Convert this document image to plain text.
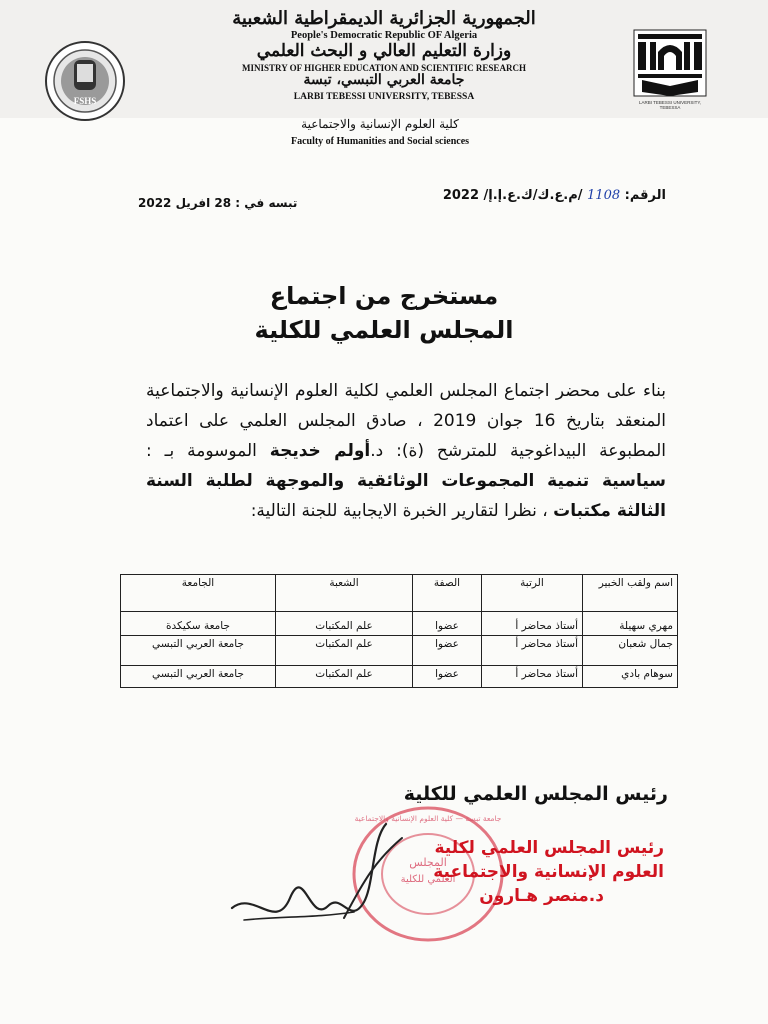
FSHS	LARBI TEBESSI UNIVERSITY, TEBESSA
الجمهورية الجزائرية الديمقراطية الشعبية
People's Democratic Republic OF Algeria
وزارة التعليم العالي و البحث العلمي
MINISTRY OF HIGHER EDUCATION AND SCIENTIFIC RESEARCH
جامعة العربي التبسي، تبسة
LARBI TEBESSI UNIVERSITY, TEBESSA
كلية العلوم الإنسانية والاجتماعية
Faculty of Humanities and Social sciences
الرقم: 1108 /م.ع.ك/ك.ع.إ.إ/ 2022
تبسه في : 28 افريل 2022
مستخرج من اجتماع
المجلس العلمي للكلية
بناء على محضر اجتماع المجلس العلمي لكلية العلوم الإنسانية والاجتماعية المنعقد بتاريخ 16 جوان 2019 ، صادق المجلس العلمي على اعتماد المطبوعة البيداغوجية للمترشح (ة): د.أولم خديجة الموسومة بـ : سياسية تنمية المجموعات الوثائقية والموجهة لطلبة السنة الثالثة مكتبات ، نظرا لتقارير الخبرة الايجابية للجنة التالية:
اسم ولقب الخبير	الرتبة	الصفة	الشعبة	الجامعة
مهري سهيلة	أستاذ محاضر أ	عضوا	علم المكتبات	جامعة سكيكدة
جمال شعبان	أستاذ محاضر أ	عضوا	علم المكتبات	جامعة العربي التبسي
سوهام بادي	أستاذ محاضر أ	عضوا	علم المكتبات	جامعة العربي التبسي
رئيس المجلس العلمي للكلية
جامعة تبسة — كلية العلوم الإنسانية والاجتماعية
المجلس
العلمي للكلية
رئيس المجلس العلمي لكلية
العلوم الإنسانية والاجتماعية
د.منصر هـارون
